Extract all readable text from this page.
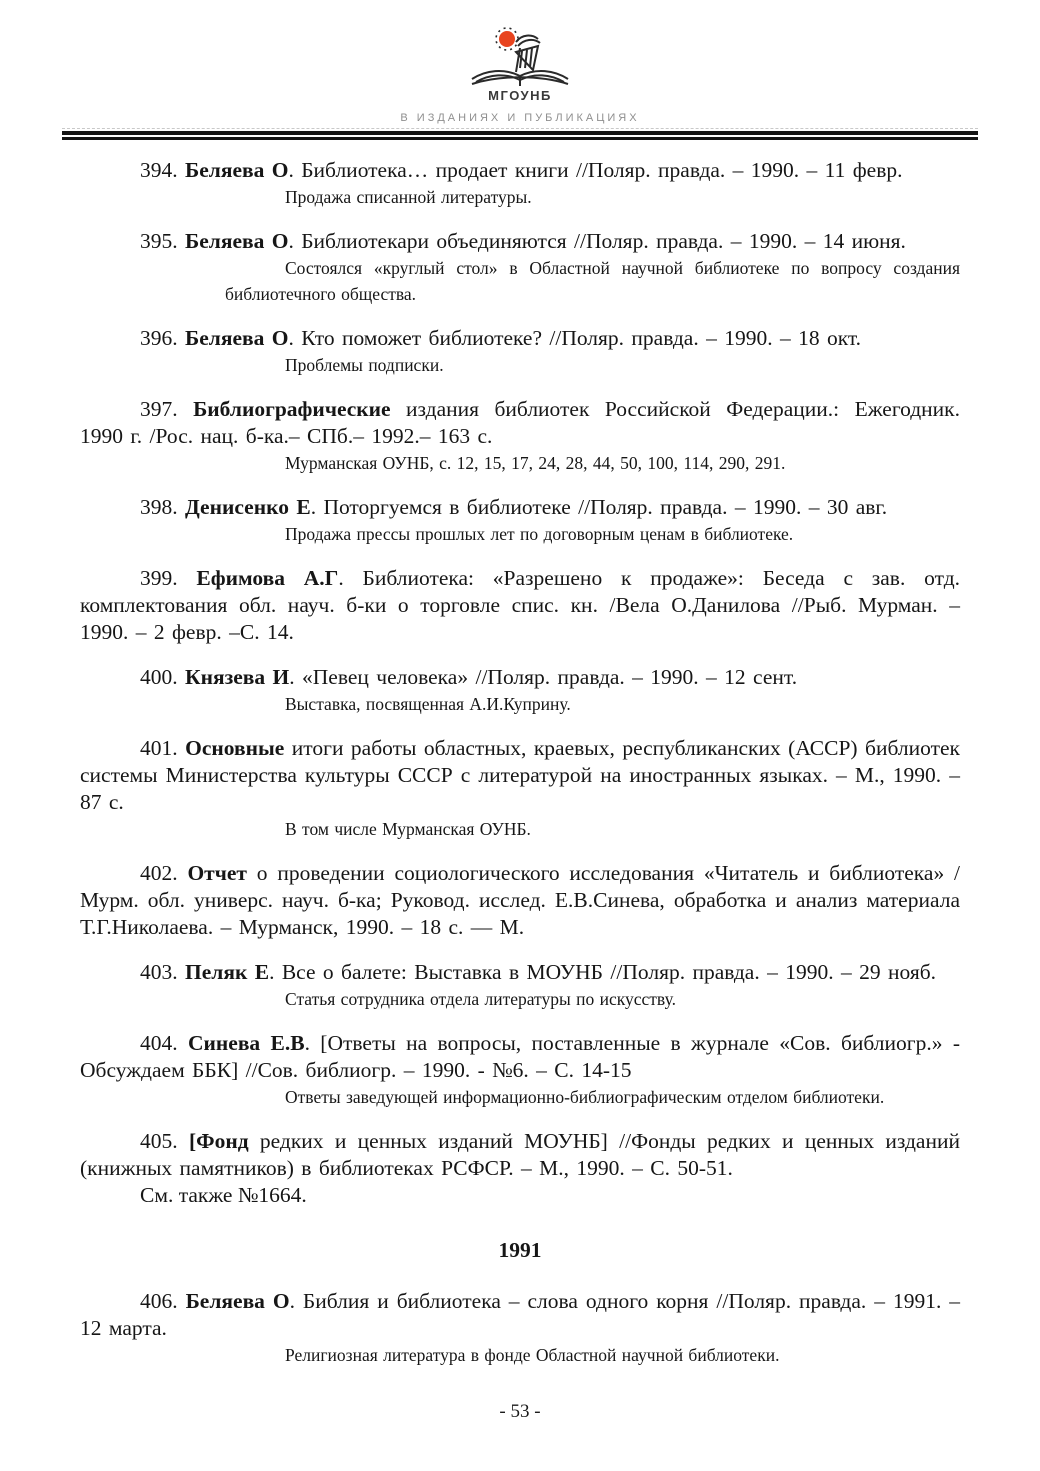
МГОУНБ
В ИЗДАНИЯХ И ПУБЛИКАЦИЯХ

394. Беляева О. Библиотека… продает книги //Поляр. правда. – 1990. – 11 февр.

Продажа списанной литературы.

395. Беляева О. Библиотекари объединяются //Поляр. правда. – 1990. – 14 июня.

Состоялся «круглый стол» в Областной научной библиотеке по вопросу создания библиотечного общества.

396. Беляева О. Кто поможет библиотеке? //Поляр. правда. – 1990. – 18 окт.

Проблемы подписки.

397. Библиографические издания библиотек Российской Федерации.: Ежегодник. 1990 г. /Рос. нац. б-ка.– СПб.– 1992.– 163 с.

Мурманская ОУНБ, с. 12, 15, 17, 24, 28, 44, 50, 100, 114, 290, 291.

398. Денисенко Е. Поторгуемся в библиотеке //Поляр. правда. – 1990. – 30 авг.

Продажа прессы прошлых лет по договорным ценам в библиотеке.

399. Ефимова А.Г. Библиотека: «Разрешено к продаже»: Беседа с зав. отд. комплектования обл. науч. б-ки о торговле спис. кн. /Вела О.Данилова //Рыб. Мурман. – 1990. – 2 февр. –С. 14.

400. Князева И. «Певец человека» //Поляр. правда. – 1990. – 12 сент.

Выставка, посвященная А.И.Куприну.

401. Основные итоги работы областных, краевых, республиканских (АССР) библиотек системы Министерства культуры СССР с литературой на иностранных языках. – М., 1990. – 87 с.

В том числе Мурманская ОУНБ.

402. Отчет о проведении социологического исследования «Читатель и библиотека» /Мурм. обл. универс. науч. б-ка; Руковод. исслед. Е.В.Синева, обработка и анализ материала Т.Г.Николаева. – Мурманск, 1990. – 18 с. — М.

403. Пеляк Е. Все о балете: Выставка в МОУНБ //Поляр. правда. – 1990. – 29 нояб.

Статья сотрудника отдела литературы по искусству.

404. Синева Е.В. [Ответы на вопросы, поставленные в журнале «Сов. библиогр.» - Обсуждаем ББК] //Сов. библиогр. – 1990. - №6. – С. 14-15

Ответы заведующей информационно-библиографическим отделом библиотеки.

405. [Фонд редких и ценных изданий МОУНБ] //Фонды редких и ценных изданий (книжных памятников) в библиотеках РСФСР. – М., 1990. – С. 50-51.

См. также №1664.

1991

406. Беляева О. Библия и библиотека – слова одного корня //Поляр. правда. – 1991. – 12 марта.

Религиозная литература в фонде Областной научной библиотеки.
- 53 -
